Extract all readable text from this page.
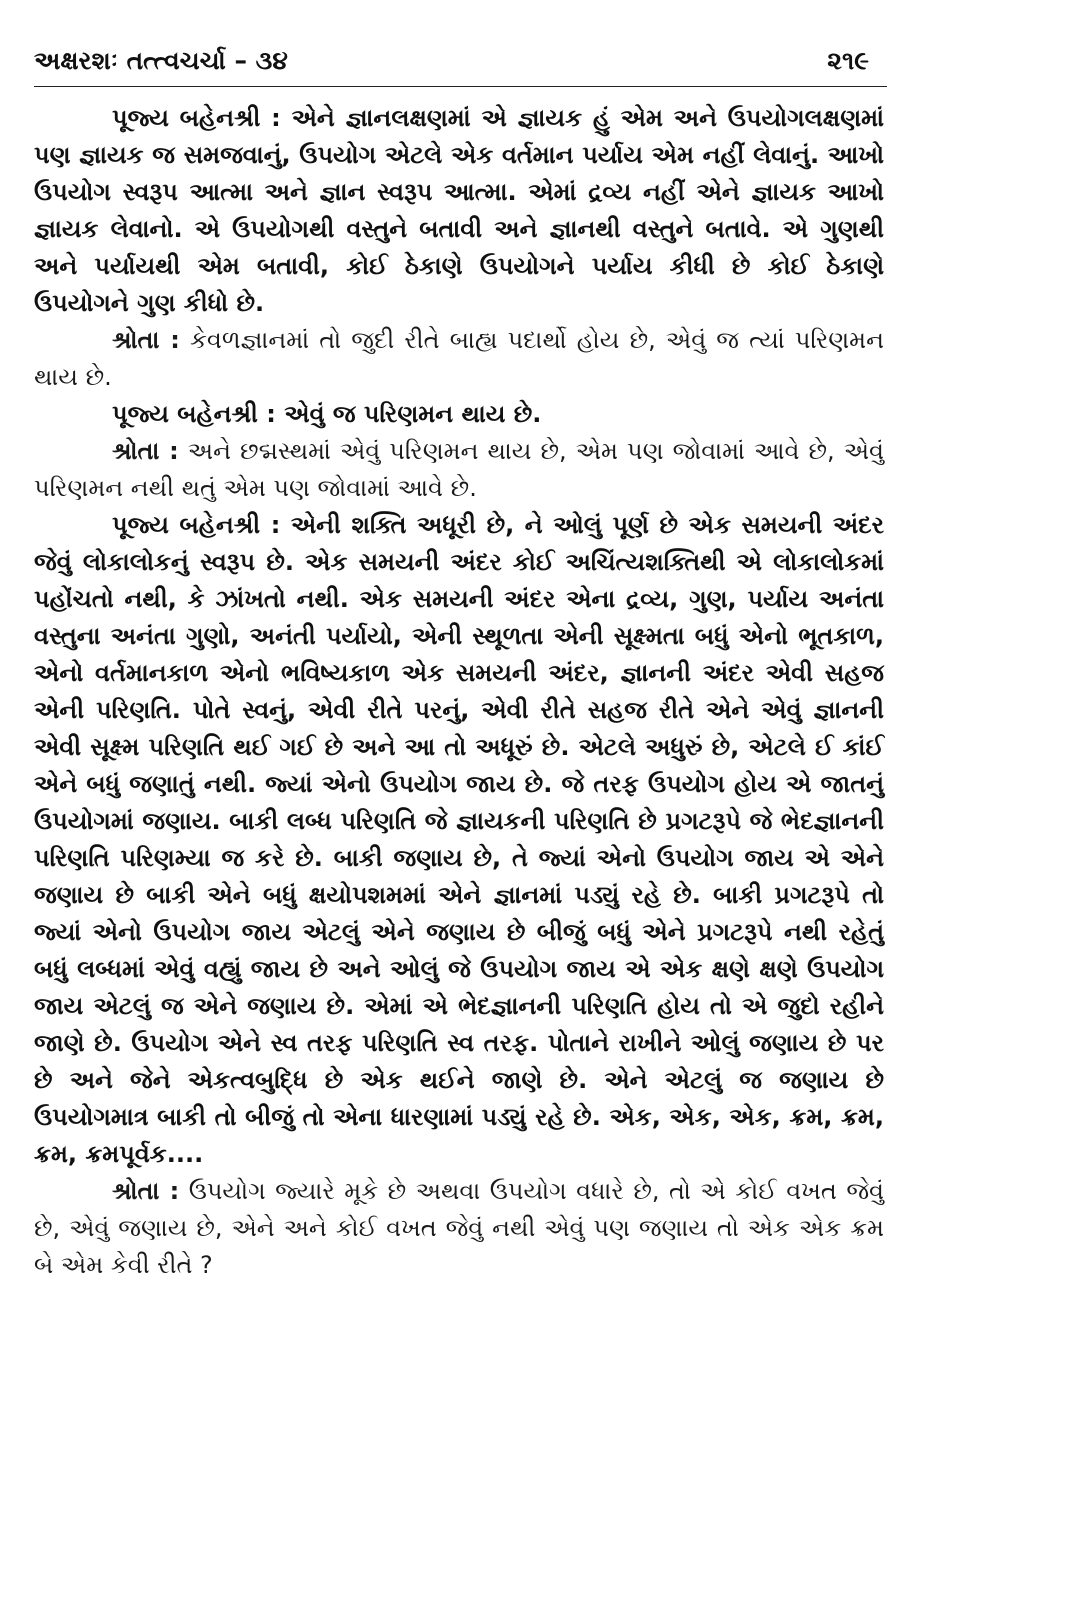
અક્ષરશઃ તત્ત્વચર્ચા – ૩૪	૨૧૯

પૂજ્ય બહેનશ્રી : એને જ્ઞાનલક્ષણમાં એ જ્ઞાયક હું એમ અને ઉપયોગલક્ષણમાં પણ જ્ઞાયક જ સમજવાનું, ઉપયોગ એટલે એક વર્તમાન પર્યાય એમ નહીં લેવાનું. આખો ઉપયોગ સ્વરૂપ આત્મા અને જ્ઞાન સ્વરૂપ આત્મા. એમાં દ્રવ્ય નહીં એને જ્ઞાયક આખો જ્ઞાયક લેવાનો. એ ઉપયોગથી વસ્તુને બતાવી અને જ્ઞાનથી વસ્તુને બતાવે. એ ગુણથી અને પર્યાયથી એમ બતાવી, કોઈ ઠેકાણે ઉપયોગને પર્યાય કીધી છે કોઈ ઠેકાણે ઉપયોગને ગુણ કીધો છે.

શ્રોતા : કેવળજ્ઞાનમાં તો જુદી રીતે બાહ્ય પદાર્થો હોય છે, એવું જ ત્યાં પરિણમન થાય છે.

પૂજ્ય બહેનશ્રી : એવું જ પરિણમન થાય છે.

શ્રોતા : અને છદ્મસ્થમાં એવું પરિણમન થાય છે, એમ પણ જોવામાં આવે છે, એવું પરિણમન નથી થતું એમ પણ જોવામાં આવે છે.

પૂજ્ય બહેનશ્રી : એની શક્તિ અધૂરી છે, ને ઓલું પૂર્ણ છે એક સમયની અંદર જેવું લોકાલોકનું સ્વરૂપ છે. એક સમયની અંદર કોઈ અચિંત્યશક્તિથી એ લોકાલોકમાં પહોંચતો નથી, કે ઝાંખતો નથી. એક સમયની અંદર એના દ્રવ્ય, ગુણ, પર્યાય અનંતા વસ્તુના અનંતા ગુણો, અનંતી પર્યાયો, એની સ્થૂળતા એની સૂક્ષ્મતા બધું એનો ભૂતકાળ, એનો વર્તમાનકાળ એનો ભવિષ્યકાળ એક સમયની અંદર, જ્ઞાનની અંદર એવી સહજ એની પરિણતિ. પોતે સ્વનું, એવી રીતે પરનું, એવી રીતે સહજ રીતે એને એવું જ્ઞાનની એવી સૂક્ષ્મ પરિણતિ થઈ ગઈ છે અને આ તો અધૂરું છે. એટલે અધુરું છે, એટલે ઈ કાંઈ એને બધું જણાતું નથી. જ્યાં એનો ઉપયોગ જાય છે. જે તરફ ઉપયોગ હોય એ જાતનું ઉપયોગમાં જણાય. બાકી લબ્ધ પરિણતિ જે જ્ઞાયકની પરિણતિ છે પ્રગટરૂપે જે ભેદજ્ઞાનની પરિણતિ પરિણમ્યા જ કરે છે. બાકી જણાય છે, તે જ્યાં એનો ઉપયોગ જાય એ એને જણાય છે બાકી એને બધું ક્ષયોપશમમાં એને જ્ઞાનમાં પડ્યું રહે છે. બાકી પ્રગટરૂપે તો જ્યાં એનો ઉપયોગ જાય એટલું એને જણાય છે બીજું બધું એને પ્રગટરૂપે નથી રહેતું બધું લબ્ધમાં એવું વહ્યું જાય છે અને ઓલું જે ઉપયોગ જાય એ એક ક્ષણે ક્ષણે ઉપયોગ જાય એટલું જ એને જણાય છે. એમાં એ ભેદજ્ઞાનની પરિણતિ હોય તો એ જુદો રહીને જાણે છે. ઉપયોગ એને સ્વ તરફ પરિણતિ સ્વ તરફ. પોતાને રાખીને ઓલું જણાય છે પર છે અને જેને એકત્વબુદ્ધિ છે એક થઈને જાણે છે. એને એટલું જ જણાય છે ઉપયોગમાત્ર બાકી તો બીજું તો એના ધારણામાં પડ્યું રહે છે. એક, એક, એક, ક્રમ, ક્રમ, ક્રમ, ક્રમપૂર્વક....

શ્રોતા : ઉપયોગ જ્યારે મૂકે છે અથવા ઉપયોગ વધારે છે, તો એ કોઈ વખત જેવું છે, એવું જણાય છે, એને અને કોઈ વખત જેવું નથી એવું પણ જણાય તો એક એક ક્રમ બે એમ કેવી રીતે ?
